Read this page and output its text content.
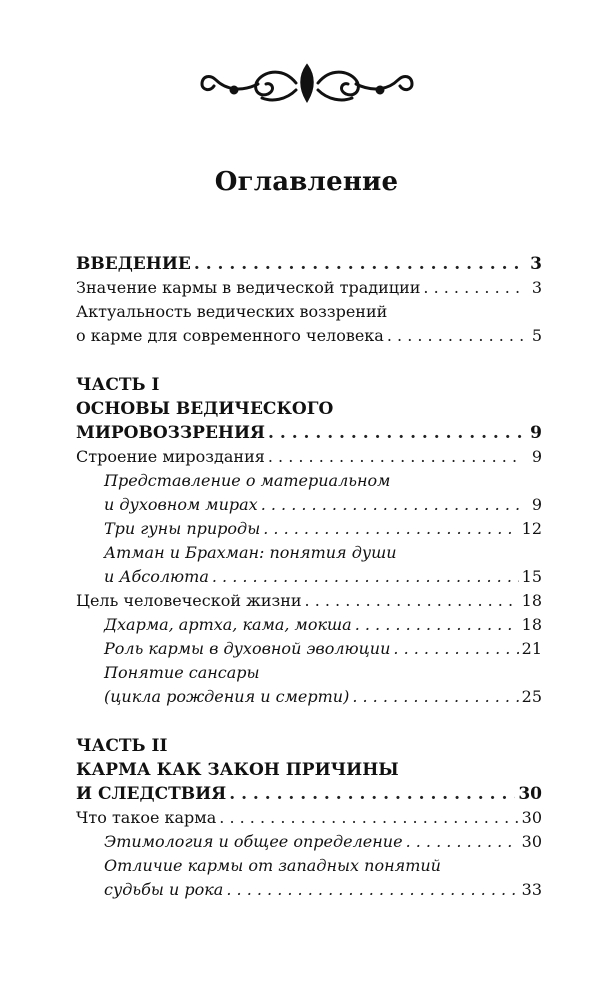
Оглавление
ВВЕДЕНИЕ . . .	3
Значение кармы в ведической традиции . . .	3
Актуальность ведических воззрений
о карме для современного человека . . .	5
ЧАСТЬ I
ОСНОВЫ ВЕДИЧЕСКОГО
МИРОВОЗЗРЕНИЯ . . .	9
Строение мироздания . . .	9
Представление о материальном
и духовном мирах . . .	9
Три гуны природы . . .	12
Атман и Брахман: понятия души
и Абсолюта . . .	15
Цель человеческой жизни . . .	18
Дхарма, артха, кама, мокша . . .	18
Роль кармы в духовной эволюции . . .	21
Понятие сансары
(цикла рождения и смерти) . . .	25
ЧАСТЬ II
КАРМА КАК ЗАКОН ПРИЧИНЫ
И СЛЕДСТВИЯ . . .	30
Что такое карма . . .	30
Этимология и общее определение . . .	30
Отличие кармы от западных понятий
судьбы и рока . . .	33
